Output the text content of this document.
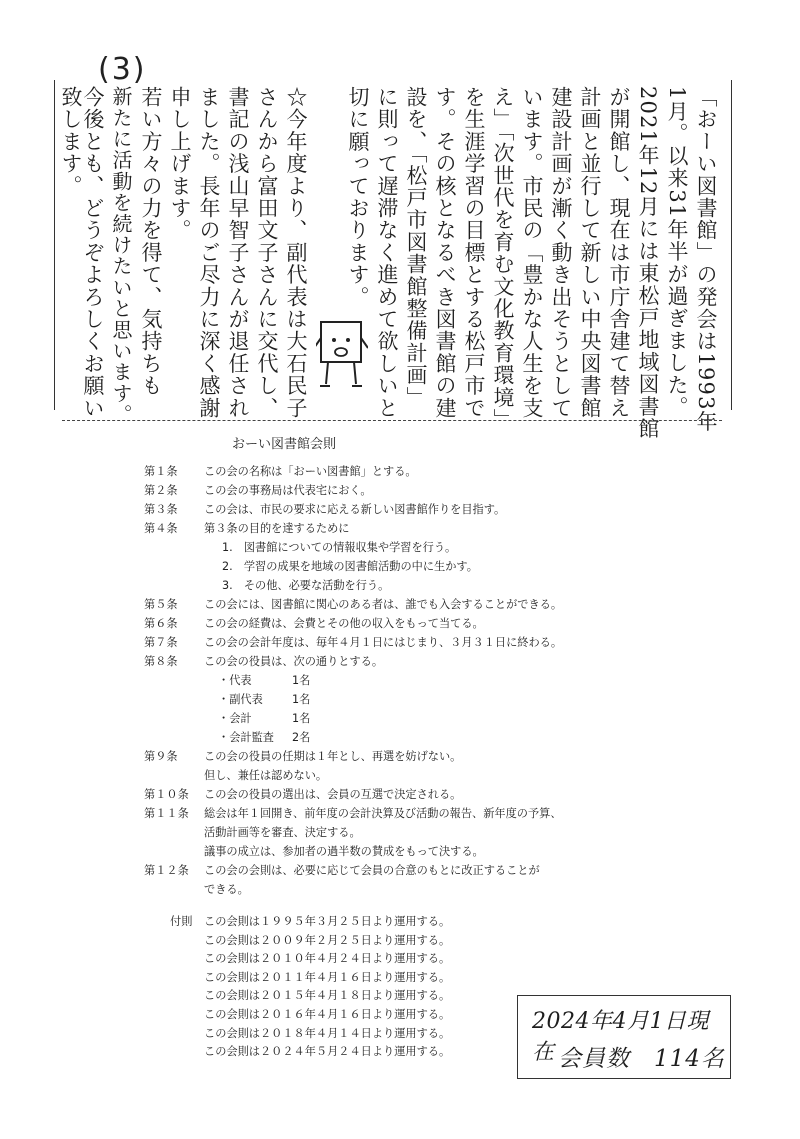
(3)
「おーい図書館」の発会は1993年
1月。以来31年半が過ぎました。
2021年12月には東松戸地域図書館
が開館し、現在は市庁舎建て替え
計画と並行して新しい中央図書館
建設計画が漸く動き出そうとして
います。市民の「豊かな人生を支
え」「次世代を育む文化教育環境」
を生涯学習の目標とする松戸市で
す。その核となるべき図書館の建
設を、「松戸市図書館整備計画」
に則って遅滞なく進めて欲しいと
切に願っております。
☆今年度より、副代表は大石民子
さんから富田文子さんに交代し、
書記の浅山早智子さんが退任され
ました。長年のご尽力に深く感謝
申し上げます。
若い方々の力を得て、気持ちも
新たに活動を続けたいと思います。
今後とも、どうぞよろしくお願い
致します。
おーい図書館会則
第１条 この会の名称は「おーい図書館」とする。
第２条 この会の事務局は代表宅におく。
第３条 この会は、市民の要求に応える新しい図書館作りを目指す。
第４条 第３条の目的を達するために
1.　図書館についての情報収集や学習を行う。
2.　学習の成果を地域の図書館活動の中に生かす。
3.　その他、必要な活動を行う。
第５条 この会には、図書館に関心のある者は、誰でも入会することができる。
第６条 この会の経費は、会費とその他の収入をもって当てる。
第７条 この会の会計年度は、毎年４月１日にはじまり、３月３１日に終わる。
第８条 この会の役員は、次の通りとする。
・代表	1名
・副代表	1名
・会計	1名
・会計監査 2名
第９条 この会の役員の任期は１年とし、再選を妨げない。
但し、兼任は認めない。
第１０条 この会の役員の選出は、会員の互選で決定される。
第１１条 総会は年１回開き、前年度の会計決算及び活動の報告、新年度の予算、
活動計画等を審査、決定する。
議事の成立は、参加者の過半数の賛成をもって決する。
第１２条 この会の会則は、必要に応じて会員の合意のもとに改正することが
できる。
付則 この会則は１９９５年３月２５日より運用する。
この会則は２００９年２月２５日より運用する。
この会則は２０１０年４月２４日より運用する。
この会則は２０１１年４月１６日より運用する。
この会則は２０１５年４月１８日より運用する。
この会則は２０１６年４月１６日より運用する。
この会則は２０１８年４月１４日より運用する。
この会則は２０２４年５月２４日より運用する。
2024年4月1日現在 会員数　114名
